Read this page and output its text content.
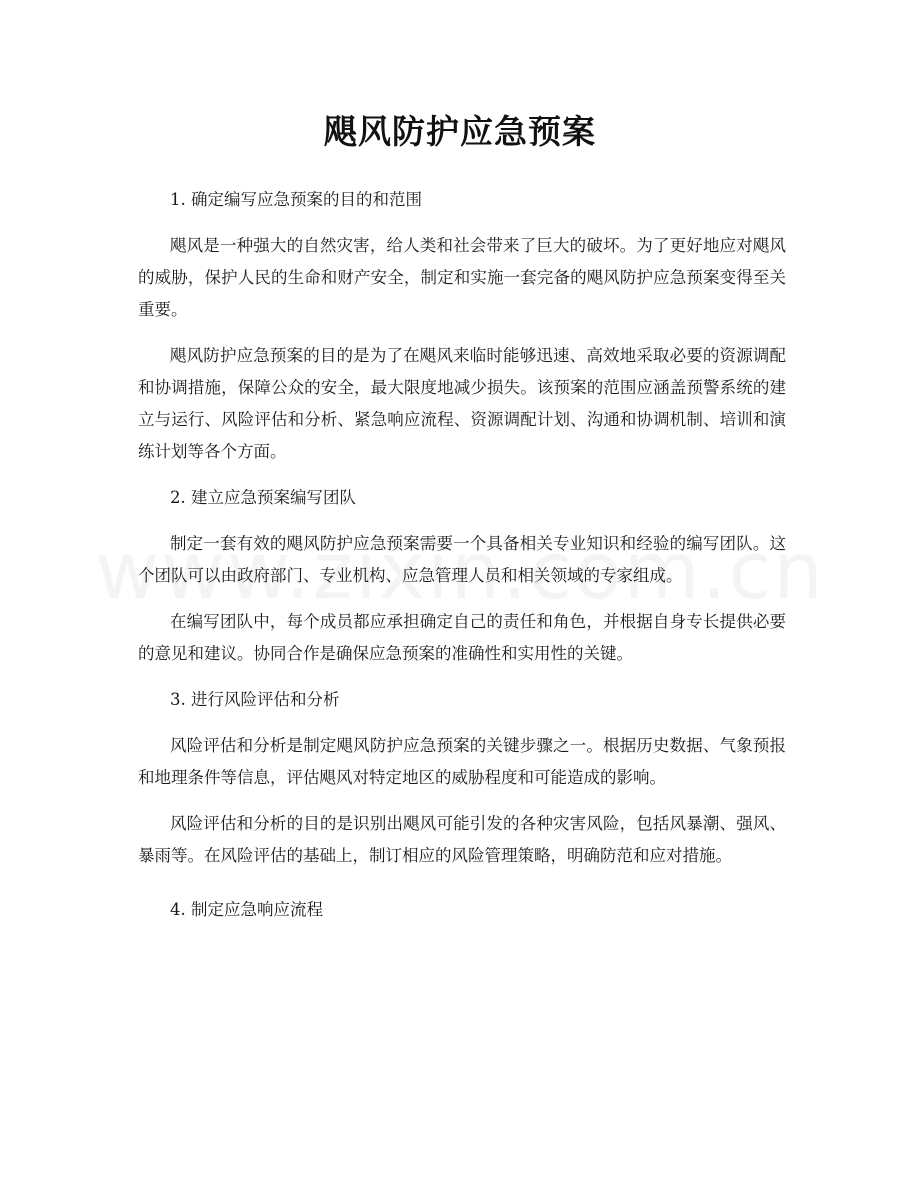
飓风防护应急预案

1. 确定编写应急预案的目的和范围

飓风是一种强大的自然灾害，给人类和社会带来了巨大的破坏。为了更好地应对飓风的威胁，保护人民的生命和财产安全，制定和实施一套完备的飓风防护应急预案变得至关重要。

飓风防护应急预案的目的是为了在飓风来临时能够迅速、高效地采取必要的资源调配和协调措施，保障公众的安全，最大限度地减少损失。该预案的范围应涵盖预警系统的建立与运行、风险评估和分析、紧急响应流程、资源调配计划、沟通和协调机制、培训和演练计划等各个方面。

2. 建立应急预案编写团队

制定一套有效的飓风防护应急预案需要一个具备相关专业知识和经验的编写团队。这个团队可以由政府部门、专业机构、应急管理人员和相关领域的专家组成。

在编写团队中，每个成员都应承担确定自己的责任和角色，并根据自身专长提供必要的意见和建议。协同合作是确保应急预案的准确性和实用性的关键。

3. 进行风险评估和分析

风险评估和分析是制定飓风防护应急预案的关键步骤之一。根据历史数据、气象预报和地理条件等信息，评估飓风对特定地区的威胁程度和可能造成的影响。

风险评估和分析的目的是识别出飓风可能引发的各种灾害风险，包括风暴潮、强风、暴雨等。在风险评估的基础上，制订相应的风险管理策略，明确防范和应对措施。

4. 制定应急响应流程
